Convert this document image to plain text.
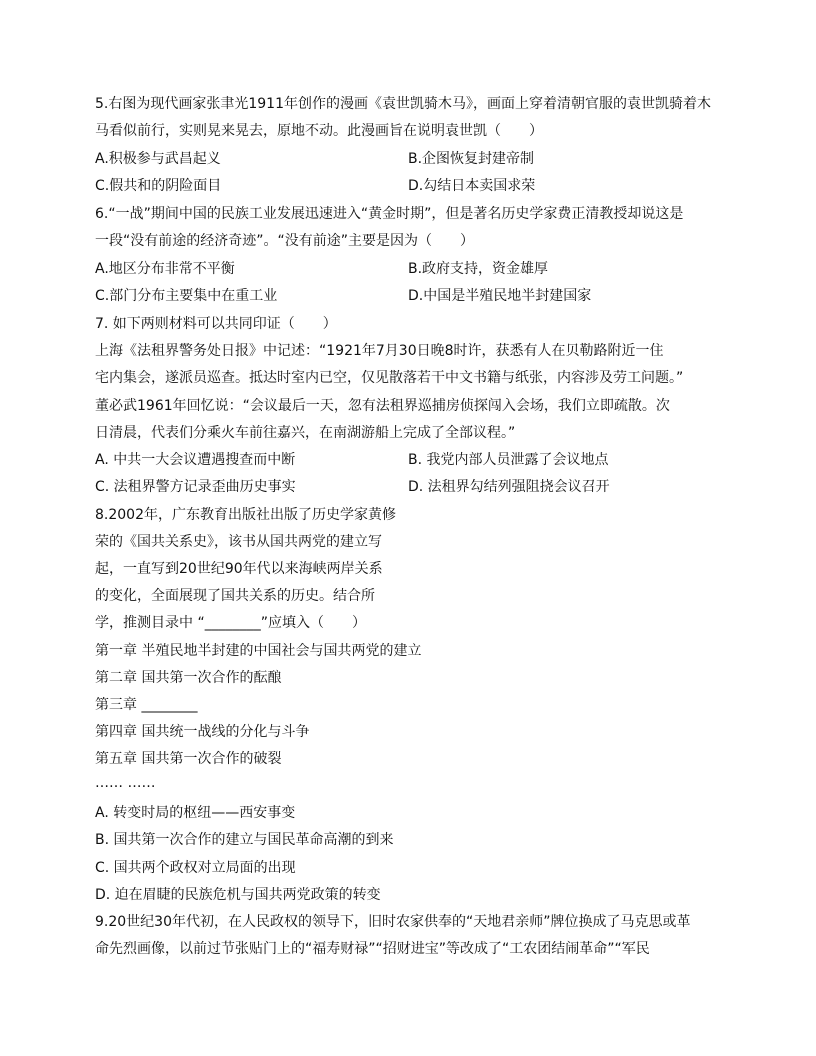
5.右图为现代画家张聿光1911年创作的漫画《袁世凯骑木马》，画面上穿着清朝官服的袁世凯骑着木
马看似前行，实则晃来晃去，原地不动。此漫画旨在说明袁世凯（　　）
A.积极参与武昌起义	B.企图恢复封建帝制
C.假共和的阴险面目	D.勾结日本卖国求荣
6.“一战”期间中国的民族工业发展迅速进入“黄金时期”，但是著名历史学家费正清教授却说这是
一段“没有前途的经济奇迹”。“没有前途”主要是因为（　　）
A.地区分布非常不平衡	B.政府支持，资金雄厚
C.部门分布主要集中在重工业	D.中国是半殖民地半封建国家
7. 如下两则材料可以共同印证（　　）
上海《法租界警务处日报》中记述：“1921年7月30日晚8时许，获悉有人在贝勒路附近一住
宅内集会，遂派员巡查。抵达时室内已空，仅见散落若干中文书籍与纸张，内容涉及劳工问题。”
董必武1961年回忆说：“会议最后一天，忽有法租界巡捕房侦探闯入会场，我们立即疏散。次
日清晨，代表们分乘火车前往嘉兴，在南湖游船上完成了全部议程。”
A. 中共一大会议遭遇搜查而中断	B. 我党内部人员泄露了会议地点
C. 法租界警方记录歪曲历史事实	D. 法租界勾结列强阻挠会议召开
8.2002年，广东教育出版社出版了历史学家黄修
荣的《国共关系史》，该书从国共两党的建立写
起，一直写到20世纪90年代以来海峡两岸关系
的变化，全面展现了国共关系的历史。结合所
学，推测目录中 “________”应填入（　　）
第一章 半殖民地半封建的中国社会与国共两党的建立
第二章 国共第一次合作的酝酿
第三章 ________
第四章 国共统一战线的分化与斗争
第五章 国共第一次合作的破裂
…… ……
A. 转变时局的枢纽——西安事变
B. 国共第一次合作的建立与国民革命高潮的到来
C. 国共两个政权对立局面的出现
D. 迫在眉睫的民族危机与国共两党政策的转变
9.20世纪30年代初，在人民政权的领导下，旧时农家供奉的“天地君亲师”牌位换成了马克思或革
命先烈画像，以前过节张贴门上的“福寿财禄”“招财进宝”等改成了“工农团结闹革命”“军民
